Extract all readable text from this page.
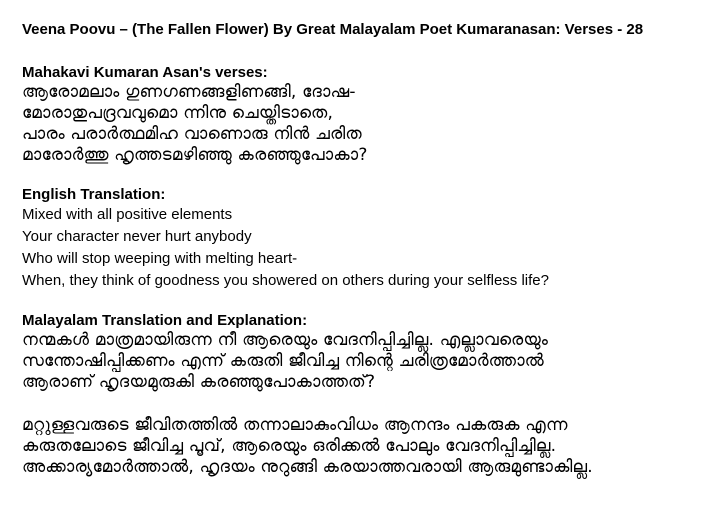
Veena Poovu – (The Fallen Flower) By Great Malayalam Poet Kumaranasan: Verses - 28
Mahakavi Kumaran Asan's verses:
ആരോമലാം ഗുണഗണങ്ങളിണങ്ങി, ദോഷ-
മോരാതുപദ്രവവുമൊ ന്നിനു ചെയ്തിടാതെ,
പാരം പരാർത്ഥമിഹ വാണൊരു നിൻ ചരിത
മാരോർത്തു ഹൃത്തടമഴിഞ്ഞു കരഞ്ഞുപോകാ?
English Translation:
Mixed with all positive elements
Your character never hurt anybody
Who will stop weeping with melting heart-
When, they think of goodness you showered on others during your selfless life?
Malayalam Translation and Explanation:
നന്മകൾ മാത്രമായിരുന്ന നീ ആരെയും വേദനിപ്പിച്ചില്ല. എല്ലാവരെയും
സന്തോഷിപ്പിക്കണം എന്ന് കരുതി ജീവിച്ച നിന്റെ ചരിത്രമോർത്താൽ
ആരാണ് ഹൃദയമുരുകി കരഞ്ഞുപോകാത്തത്?
മറ്റുള്ളവരുടെ ജീവിതത്തിൽ തന്നാലാകുംവിധം ആനന്ദം പകരുക എന്ന
കരുതലോടെ ജീവിച്ച പൂവ്, ആരെയും ഒരിക്കൽ പോലും വേദനിപ്പിച്ചില്ല.
അക്കാര്യമോർത്താൽ, ഹൃദയം നുറുങ്ങി കരയാത്തവരായി ആരുമുണ്ടാകില്ല.
